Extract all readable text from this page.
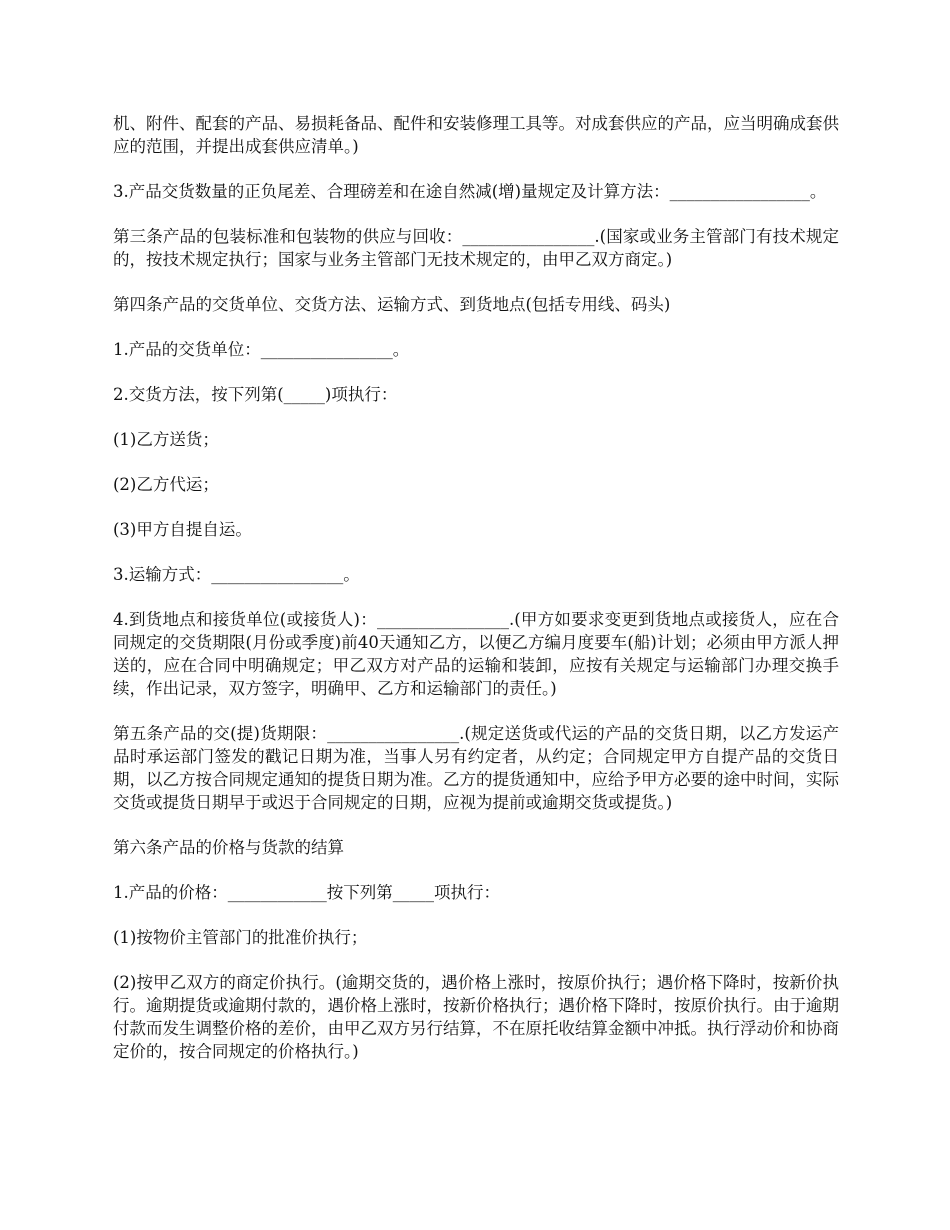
机、附件、配套的产品、易损耗备品、配件和安装修理工具等。对成套供应的产品，应当明确成套供应的范围，并提出成套供应清单。)

3.产品交货数量的正负尾差、合理磅差和在途自然减(增)量规定及计算方法：_________________。

第三条产品的包装标准和包装物的供应与回收：________________.(国家或业务主管部门有技术规定的，按技术规定执行；国家与业务主管部门无技术规定的，由甲乙双方商定。)

第四条产品的交货单位、交货方法、运输方式、到货地点(包括专用线、码头)

1.产品的交货单位：________________。

2.交货方法，按下列第(_____)项执行：

(1)乙方送货；

(2)乙方代运；

(3)甲方自提自运。

3.运输方式：________________。

4.到货地点和接货单位(或接货人)：________________.(甲方如要求变更到货地点或接货人，应在合同规定的交货期限(月份或季度)前40天通知乙方，以便乙方编月度要车(船)计划；必须由甲方派人押送的，应在合同中明确规定；甲乙双方对产品的运输和装卸，应按有关规定与运输部门办理交换手续，作出记录，双方签字，明确甲、乙方和运输部门的责任。)

第五条产品的交(提)货期限：________________.(规定送货或代运的产品的交货日期，以乙方发运产品时承运部门签发的戳记日期为准，当事人另有约定者，从约定；合同规定甲方自提产品的交货日期，以乙方按合同规定通知的提货日期为准。乙方的提货通知中，应给予甲方必要的途中时间，实际交货或提货日期早于或迟于合同规定的日期，应视为提前或逾期交货或提货。)

第六条产品的价格与货款的结算

1.产品的价格：____________按下列第_____项执行：

(1)按物价主管部门的批准价执行；

(2)按甲乙双方的商定价执行。(逾期交货的，遇价格上涨时，按原价执行；遇价格下降时，按新价执行。逾期提货或逾期付款的，遇价格上涨时，按新价格执行；遇价格下降时，按原价执行。由于逾期付款而发生调整价格的差价，由甲乙双方另行结算，不在原托收结算金额中冲抵。执行浮动价和协商定价的，按合同规定的价格执行。)
